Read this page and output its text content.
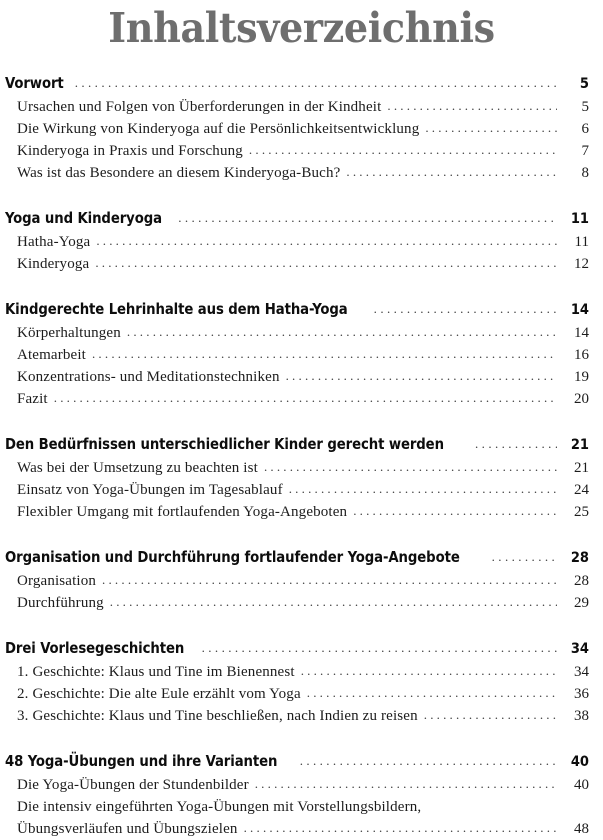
Inhaltsverzeichnis
Vorwort .....	5
Ursachen und Folgen von Überforderungen in der Kindheit .....	5
Die Wirkung von Kinderyoga auf die Persönlichkeitsentwicklung .....	6
Kinderyoga in Praxis und Forschung .....	7
Was ist das Besondere an diesem Kinderyoga-Buch? .....	8
Yoga und Kinderyoga .....	11
Hatha-Yoga .....	11
Kinderyoga .....	12
Kindgerechte Lehrinhalte aus dem Hatha-Yoga .....	14
Körperhaltungen .....	14
Atemarbeit .....	16
Konzentrations- und Meditationstechniken .....	19
Fazit .....	20
Den Bedürfnissen unterschiedlicher Kinder gerecht werden .....	21
Was bei der Umsetzung zu beachten ist .....	21
Einsatz von Yoga-Übungen im Tagesablauf .....	24
Flexibler Umgang mit fortlaufenden Yoga-Angeboten .....	25
Organisation und Durchführung fortlaufender Yoga-Angebote .....	28
Organisation .....	28
Durchführung .....	29
Drei Vorlesegeschichten .....	34
1. Geschichte: Klaus und Tine im Bienennest .....	34
2. Geschichte: Die alte Eule erzählt vom Yoga .....	36
3. Geschichte: Klaus und Tine beschließen, nach Indien zu reisen .....	38
48 Yoga-Übungen und ihre Varianten .....	40
Die Yoga-Übungen der Stundenbilder .....	40
Die intensiv eingeführten Yoga-Übungen mit Vorstellungsbildern,
Übungsverläufen und Übungszielen .....	48
